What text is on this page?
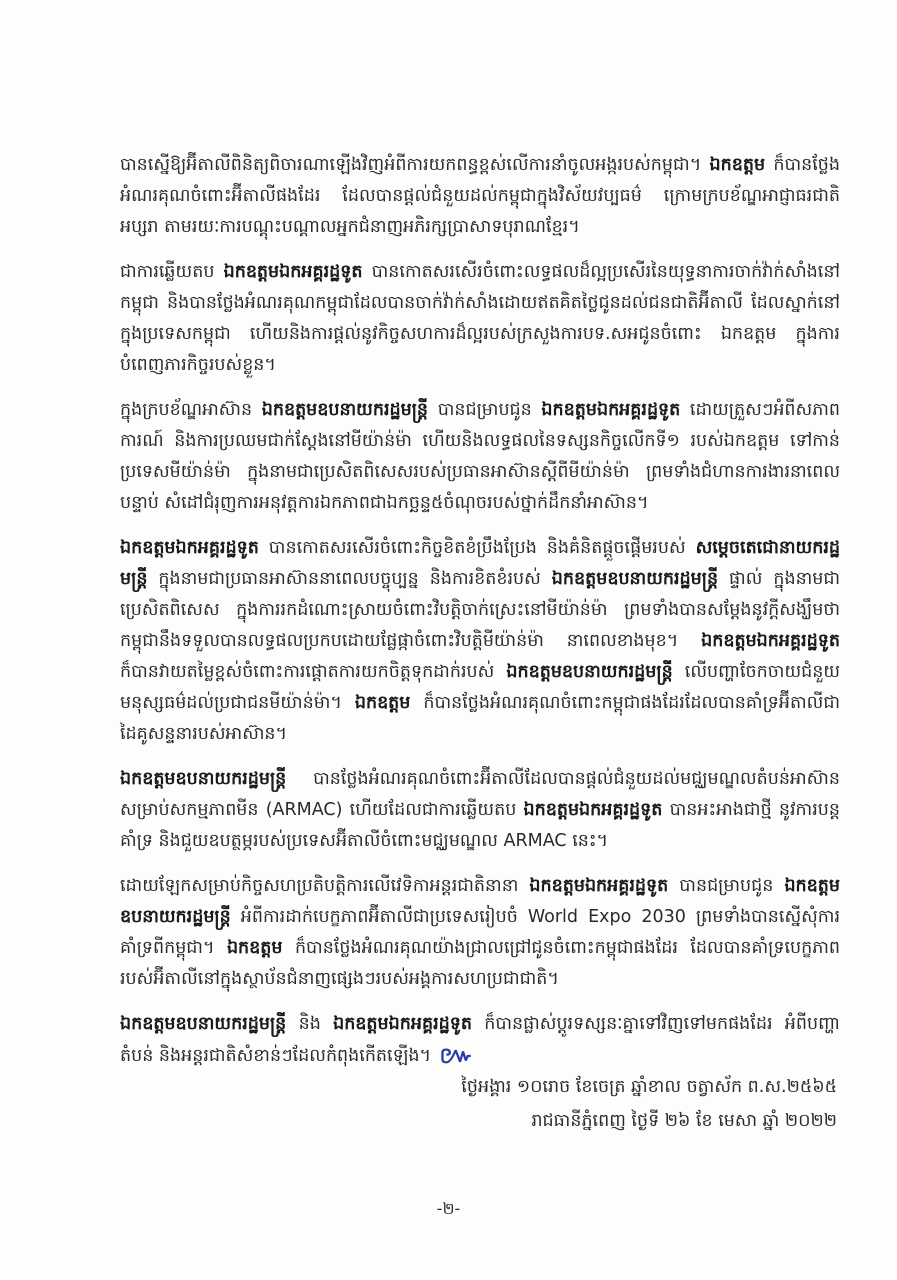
បានស្នើឱ្យអ៊ីតាលីពិនិត្យពិចារណាឡើងវិញអំពីការយកពន្ធខ្ពស់លើការនាំចូលអង្ករបស់កម្ពុជា។ ឯកឧត្តម ក៏បានថ្លែងអំណរគុណចំពោះអ៊ីតាលីផងដែរ ដែលបានផ្តល់ជំនួយដល់កម្ពុជាក្នុងវិស័យវប្បធម៌ ក្រោមក្របខ័ណ្ឌអាជ្ញាធរជាតិអប្សរា តាមរយៈការបណ្តុះបណ្តាលអ្នកជំនាញអភិរក្សប្រាសាទបុរាណខ្មែរ។

ជាការឆ្លើយតប ឯកឧត្តមឯកអគ្គរដ្ឋទូត បានកោតសរសើរចំពោះលទ្ធផលដ៏ល្អប្រសើរនៃយុទ្ធនាការចាក់វ៉ាក់សាំងនៅកម្ពុជា និងបានថ្លែងអំណរគុណកម្ពុជាដែលបានចាក់វ៉ាក់សាំងដោយឥតគិតថ្លៃជូនដល់ជនជាតិអ៊ីតាលី ដែលស្នាក់នៅក្នុងប្រទេសកម្ពុជា ហើយនិងការផ្តល់នូវកិច្ចសហការដ៏ល្អរបស់ក្រសួងការបទ.សអជូនចំពោះ ឯកឧត្តម ក្នុងការបំពេញភារកិច្ចរបស់ខ្លួន។

ក្នុងក្របខ័ណ្ឌអាស៊ាន ឯកឧត្តមឧបនាយករដ្ឋមន្ត្រី បានជម្រាបជូន ឯកឧត្តមឯកអគ្គរដ្ឋទូត ដោយត្រួសៗអំពីសភាពការណ៍ និងការប្រឈមជាក់ស្តែងនៅមីយ៉ាន់ម៉ា ហើយនិងលទ្ធផលនៃទស្សនកិច្ចលើកទី១ របស់ឯកឧត្តម ទៅកាន់ប្រទេសមីយ៉ាន់ម៉ា ក្នុងនាមជាប្រេសិតពិសេសរបស់ប្រធានអាស៊ានស្តីពីមីយ៉ាន់ម៉ា ព្រមទាំងជំហានការងារនាពេលបន្ទាប់ សំដៅជំរុញការអនុវត្តការឯកភាពជាឯកច្ឆន្ទ៥ចំណុចរបស់ថ្នាក់ដឹកនាំអាស៊ាន។

ឯកឧត្តមឯកអគ្គរដ្ឋទូត បានកោតសរសើរចំពោះកិច្ចខិតខំប្រឹងប្រែង និងគំនិតផ្តួចផ្តើមរបស់ សម្តេចតេជោនាយករដ្ឋមន្ត្រី ក្នុងនាមជាប្រធានអាស៊ាននាពេលបច្ចុប្បន្ន និងការខិតខំរបស់ ឯកឧត្តមឧបនាយករដ្ឋមន្ត្រី ផ្ទាល់ ក្នុងនាមជាប្រេសិតពិសេស ក្នុងការរកដំណោះស្រាយចំពោះវិបត្តិចាក់ស្រេះនៅមីយ៉ាន់ម៉ា ព្រមទាំងបានសម្តែងនូវក្តីសង្ឃឹមថា កម្ពុជានឹងទទួលបានលទ្ធផលប្រកបដោយផ្លែផ្កាចំពោះវិបត្តិមីយ៉ាន់ម៉ា នាពេលខាងមុខ។ ឯកឧត្តមឯកអគ្គរដ្ឋទូត ក៏បានវាយតម្លៃខ្ពស់ចំពោះការផ្តោតការយកចិត្តទុកដាក់របស់ ឯកឧត្តមឧបនាយករដ្ឋមន្ត្រី លើបញ្ហាចែកចាយជំនួយមនុស្សធម៌ដល់ប្រជាជនមីយ៉ាន់ម៉ា។ ឯកឧត្តម ក៏បានថ្លែងអំណរគុណចំពោះកម្ពុជាផងដែរដែលបានគាំទ្រអ៊ីតាលីជាដៃគូសន្ទនារបស់អាស៊ាន។

ឯកឧត្តមឧបនាយករដ្ឋមន្ត្រី បានថ្លែងអំណរគុណចំពោះអ៊ីតាលីដែលបានផ្តល់ជំនួយដល់មជ្ឈមណ្ឌលតំបន់អាស៊ានសម្រាប់សកម្មភាពមីន (ARMAC) ហើយដែលជាការឆ្លើយតប ឯកឧត្តមឯកអគ្គរដ្ឋទូត បានអះអាងជាថ្មី នូវការបន្តគាំទ្រ និងជួយឧបត្ថម្ភរបស់ប្រទេសអ៊ីតាលីចំពោះមជ្ឈមណ្ឌល ARMAC នេះ។

ដោយឡែកសម្រាប់កិច្ចសហប្រតិបត្តិការលើវេទិកាអន្តរជាតិនានា ឯកឧត្តមឯកអគ្គរដ្ឋទូត បានជម្រាបជូន ឯកឧត្តមឧបនាយករដ្ឋមន្ត្រី អំពីការដាក់បេក្ខភាពអ៊ីតាលីជាប្រទេសរៀបចំ World Expo 2030 ព្រមទាំងបានស្នើសុំការគាំទ្រពីកម្ពុជា។ ឯកឧត្តម ក៏បានថ្លែងអំណរគុណយ៉ាងជ្រាលជ្រៅជូនចំពោះកម្ពុជាផងដែរ ដែលបានគាំទ្របេក្ខភាពរបស់អ៊ីតាលីនៅក្នុងស្ថាប័នជំនាញផ្សេងៗរបស់អង្គការសហប្រជាជាតិ។

ឯកឧត្តមឧបនាយករដ្ឋមន្ត្រី និង ឯកឧត្តមឯកអគ្គរដ្ឋទូត ក៏បានផ្លាស់ប្តូរទស្សនៈគ្នាទៅវិញទៅមកផងដែរ អំពីបញ្ហាតំបន់ និងអន្តរជាតិសំខាន់ៗដែលកំពុងកើតឡើង។ ៚

ថ្ងៃអង្គារ ១០រោច ខែចេត្រ ឆ្នាំខាល ចត្វាស័ក ព.ស.២៥៦៥
រាជធានីភ្នំពេញ ថ្ងៃទី ២៦ ខែ មេសា ឆ្នាំ ២០២២
-២-
